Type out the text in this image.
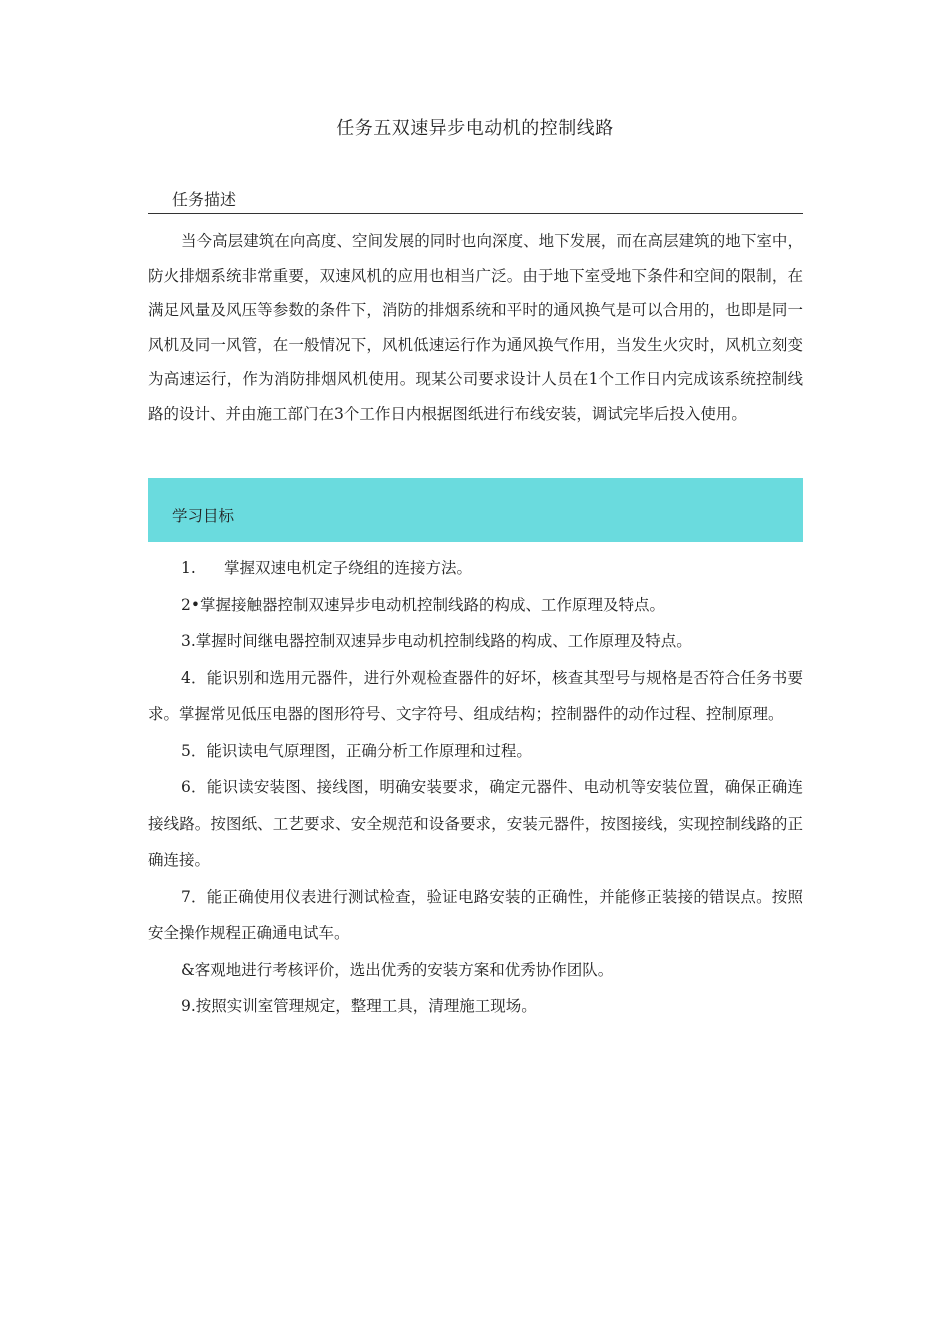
任务五双速异步电动机的控制线路
任务描述

当今高层建筑在向高度、空间发展的同时也向深度、地下发展，而在高层建筑的地下室中，防火排烟系统非常重要，双速风机的应用也相当广泛。由于地下室受地下条件和空间的限制，在满足风量及风压等参数的条件下，消防的排烟系统和平时的通风换气是可以合用的，也即是同一风机及同一风管，在一般情况下，风机低速运行作为通风换气作用，当发生火灾时，风机立刻变为高速运行，作为消防排烟风机使用。现某公司要求设计人员在1个工作日内完成该系统控制线路的设计、并由施工部门在3个工作日内根据图纸进行布线安装，调试完毕后投入使用。

学习目标

1. 掌握双速电机定子绕组的连接方法。

2•掌握接触器控制双速异步电动机控制线路的构成、工作原理及特点。

3.掌握时间继电器控制双速异步电动机控制线路的构成、工作原理及特点。

4．能识别和选用元器件，进行外观检查器件的好坏，核查其型号与规格是否符合任务书要求。掌握常见低压电器的图形符号、文字符号、组成结构；控制器件的动作过程、控制原理。

5．能识读电气原理图，正确分析工作原理和过程。

6．能识读安装图、接线图，明确安装要求，确定元器件、电动机等安装位置，确保正确连接线路。按图纸、工艺要求、安全规范和设备要求，安装元器件，按图接线，实现控制线路的正确连接。

7．能正确使用仪表进行测试检查，验证电路安装的正确性，并能修正装接的错误点。按照安全操作规程正确通电试车。

&客观地进行考核评价，选出优秀的安装方案和优秀协作团队。

9.按照实训室管理规定，整理工具，清理施工现场。
